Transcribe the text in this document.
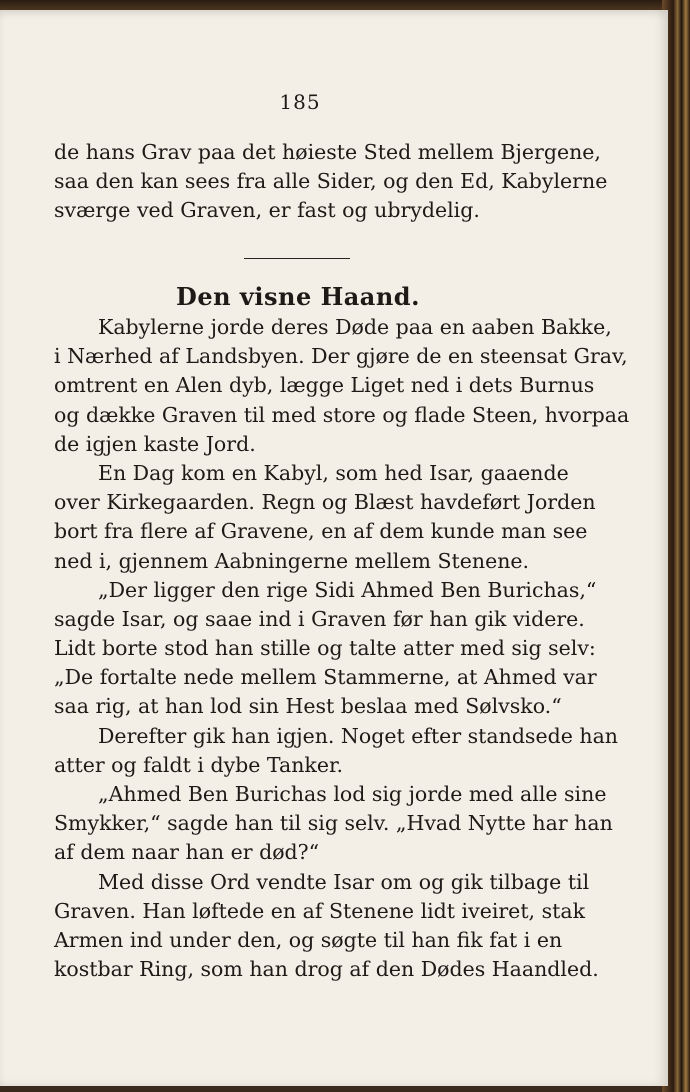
185
de hans Grav paa det høieste Sted mellem Bjergene,
saa den kan sees fra alle Sider, og den Ed, Kabylerne
sværge ved Graven, er fast og ubrydelig.
Den visne Haand.
Kabylerne jorde deres Døde paa en aaben Bakke,
i Nærhed af Landsbyen. Der gjøre de en steensat Grav,
omtrent en Alen dyb, lægge Liget ned i dets Burnus
og dække Graven til med store og flade Steen, hvorpaa
de igjen kaste Jord.
En Dag kom en Kabyl, som hed Isar, gaaende
over Kirkegaarden. Regn og Blæst havdeført Jorden
bort fra flere af Gravene, en af dem kunde man see
ned i, gjennem Aabningerne mellem Stenene.
„Der ligger den rige Sidi Ahmed Ben Burichas,“
sagde Isar, og saae ind i Graven før han gik videre.
Lidt borte stod han stille og talte atter med sig selv:
„De fortalte nede mellem Stammerne, at Ahmed var
saa rig, at han lod sin Hest beslaa med Sølvsko.“
Derefter gik han igjen. Noget efter standsede han
atter og faldt i dybe Tanker.
„Ahmed Ben Burichas lod sig jorde med alle sine
Smykker,“ sagde han til sig selv. „Hvad Nytte har han
af dem naar han er død?“
Med disse Ord vendte Isar om og gik tilbage til
Graven. Han løftede en af Stenene lidt iveiret, stak
Armen ind under den, og søgte til han fik fat i en
kostbar Ring, som han drog af den Dødes Haandled.
